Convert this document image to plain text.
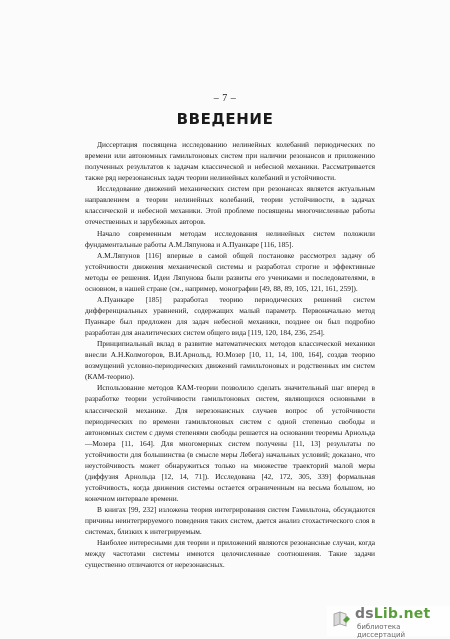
– 7 –
ВВЕДЕНИЕ

Диссертация посвящена исследованию нелинейных колебаний периодических по времени или автономных гамильтоновых систем при наличии резонансов и приложению полученных результатов к задачам классической и небесной механики. Рассматривается также ряд нерезонансных задач теории нелинейных колебаний и устойчивости.

Исследование движений механических систем при резонансах является актуальным направлением в теории нелинейных колебаний, теории устойчивости, в задачах классической и небесной механики. Этой проблеме посвящены многочисленные работы отечественных и зарубежных авторов.

Начало современным методам исследования нелинейных систем положили фундаментальные работы А.М.Ляпунова и А.Пуанкаре [116, 185].

А.М.Ляпунов [116] впервые в самой общей постановке рассмотрел задачу об устойчивости движения механической системы и разработал строгие и эффективные методы ее решения. Идеи Ляпунова были развиты его учениками и последователями, в основном, в нашей стране (см., например, монографии [49, 88, 89, 105, 121, 161, 259]).

А.Пуанкаре [185] разработал теорию периодических решений систем дифференциальных уравнений, содержащих малый параметр. Первоначально метод Пуанкаре был предложен для задач небесной механики, позднее он был подробно разработан для аналитических систем общего вида [119, 120, 184, 236, 254].

Принципиальный вклад в развитие математических методов классической механики внесли А.Н.Колмогоров, В.И.Арнольд, Ю.Мозер [10, 11, 14, 100, 164], создав теорию возмущений условно-периодических движений гамильтоновых и родственных им систем (КАМ-теорию).

Использование методов КАМ-теории позволило сделать значительный шаг вперед в разработке теории устойчивости гамильтоновых систем, являющихся основными в классической механике. Для нерезонансных случаев вопрос об устойчивости периодических по времени гамильтоновых систем с одной степенью свободы и автономных систем с двумя степенями свободы решается на основании теоремы Арнольда—Мозера [11, 164]. Для многомерных систем получены [11, 13] результаты по устойчивости для большинства (в смысле меры Лебега) начальных условий; доказано, что неустойчивость может обнаружиться только на множестве траекторий малой меры (диффузия Арнольда [12, 14, 71]). Исследована [42, 172, 305, 339] формальная устойчивость, когда движения системы остается ограниченным на весьма большом, но конечном интервале времени.

В книгах [99, 232] изложена теория интегрирования систем Гамильтона, обсуждаются причины неинтегрируемого поведения таких систем, дается анализ стохастического слоя в системах, близких к интегрируемым.

Наиболее интересными для теории и приложений являются резонансные случаи, когда между частотами системы имеются целочисленные соотношения. Такие задачи существенно отличаются от нерезонансных.

dsLib.net
библиотека диссертаций
